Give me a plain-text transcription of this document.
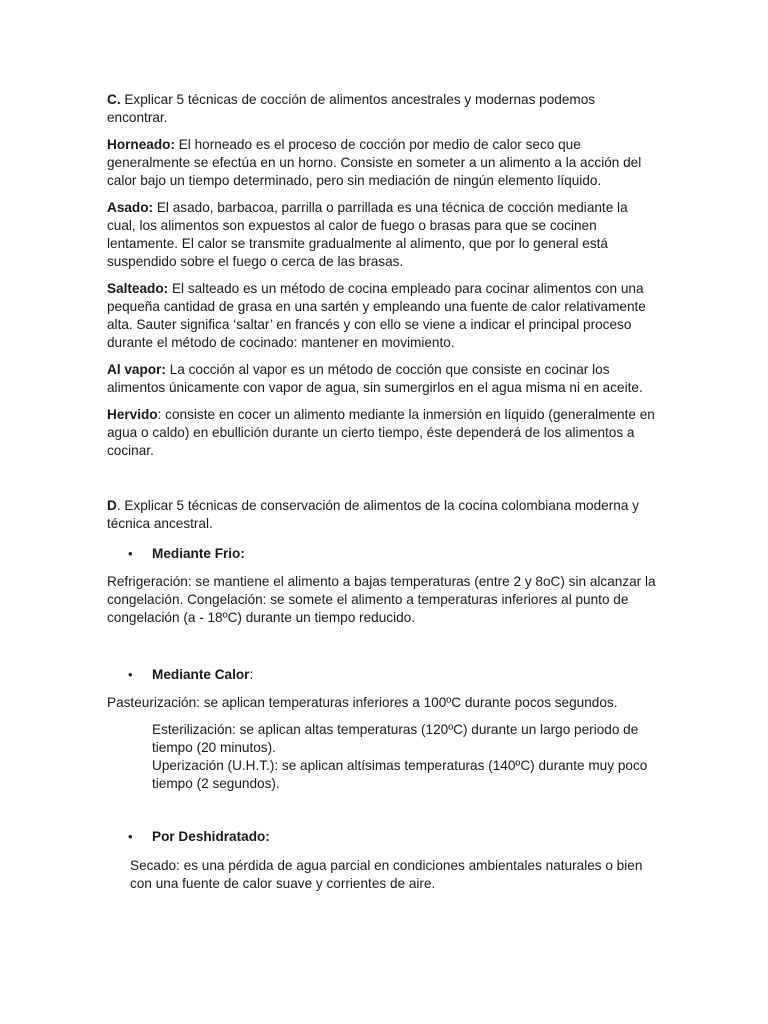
C. Explicar 5 técnicas de cocción de alimentos ancestrales y modernas podemos encontrar.

Horneado: El horneado es el proceso de cocción por medio de calor seco que generalmente se efectúa en un horno. Consiste en someter a un alimento a la acción del calor bajo un tiempo determinado, pero sin mediación de ningún elemento líquido.

Asado: El asado, barbacoa, parrilla o parrillada es una técnica de cocción mediante la cual, los alimentos son expuestos al calor de fuego o brasas para que se cocinen lentamente. El calor se transmite gradualmente al alimento, que por lo general está suspendido sobre el fuego o cerca de las brasas.

Salteado: El salteado es un método de cocina empleado para cocinar alimentos con una pequeña cantidad de grasa en una sartén y empleando una fuente de calor relativamente alta. Sauter significa ‘saltar’ en francés y con ello se viene a indicar el principal proceso durante el método de cocinado: mantener en movimiento.

Al vapor: La cocción al vapor es un método de cocción que consiste en cocinar los alimentos únicamente con vapor de agua, sin sumergirlos en el agua misma ni en aceite.

Hervido: consiste en cocer un alimento mediante la inmersión en líquido (generalmente en agua o caldo) en ebullición durante un cierto tiempo, éste dependerá de los alimentos a cocinar.

D. Explicar 5 técnicas de conservación de alimentos de la cocina colombiana moderna y técnica ancestral.

• Mediante Frio:

Refrigeración: se mantiene el alimento a bajas temperaturas (entre 2 y 8oC) sin alcanzar la congelación. Congelación: se somete el alimento a temperaturas inferiores al punto de congelación (a - 18ºC) durante un tiempo reducido.

• Mediante Calor:

Pasteurización: se aplican temperaturas inferiores a 100ºC durante pocos segundos.

Esterilización: se aplican altas temperaturas (120ºC) durante un largo periodo de tiempo (20 minutos).

Uperización (U.H.T.): se aplican altísimas temperaturas (140ºC) durante muy poco tiempo (2 segundos).

• Por Deshidratado:

Secado: es una pérdida de agua parcial en condiciones ambientales naturales o bien con una fuente de calor suave y corrientes de aire.
